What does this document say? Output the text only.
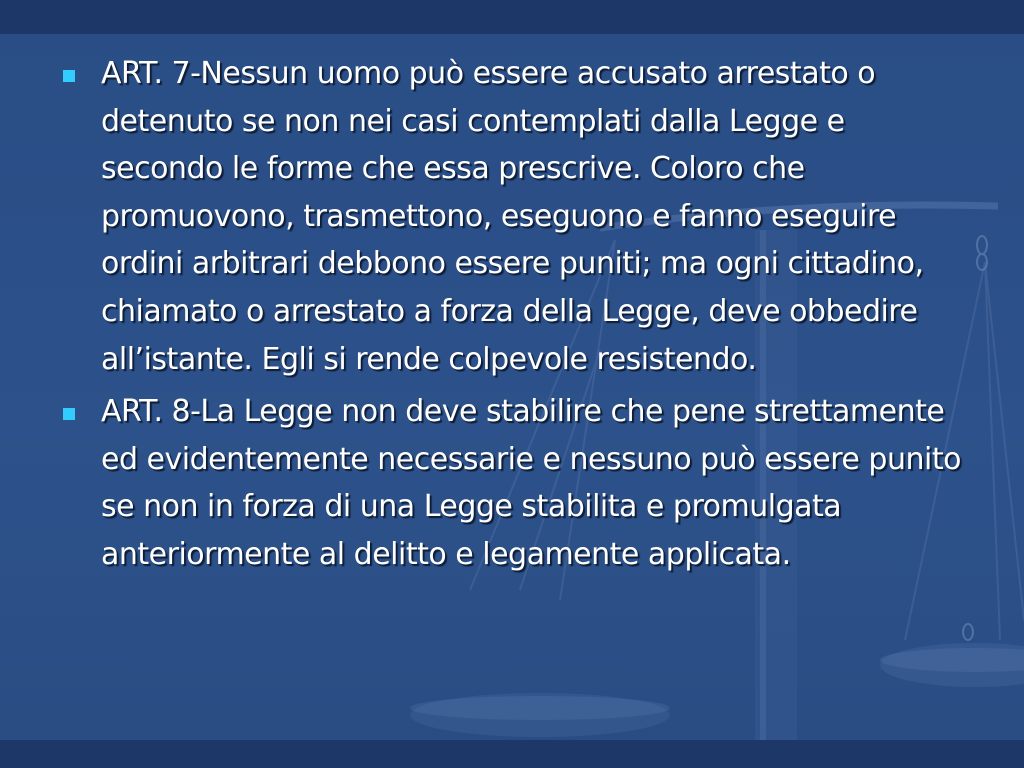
ART. 7-Nessun uomo può essere accusato arrestato o detenuto se non nei casi contemplati dalla Legge e secondo le forme che essa prescrive. Coloro che promuovono, trasmettono, eseguono e fanno eseguire ordini arbitrari debbono essere puniti; ma ogni cittadino, chiamato o arrestato a forza della Legge, deve obbedire all’istante. Egli si rende colpevole resistendo.
ART. 8-La Legge non deve stabilire che pene strettamente ed evidentemente necessarie e nessuno può essere punito se non in forza di una Legge stabilita e promulgata anteriormente al delitto e legamente applicata.
